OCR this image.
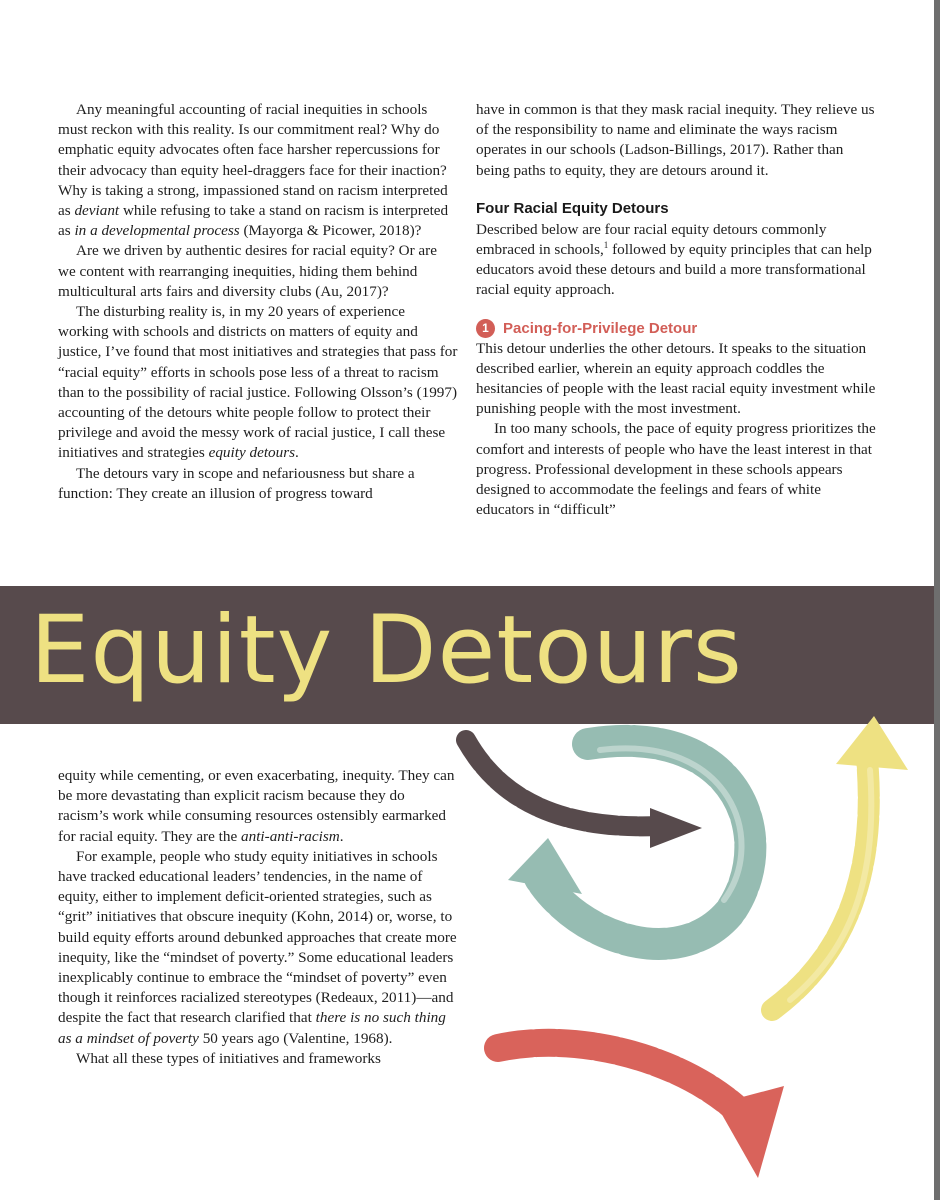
Any meaningful accounting of racial inequities in schools must reckon with this reality. Is our commitment real? Why do emphatic equity advocates often face harsher repercussions for their advocacy than equity heel-draggers face for their inaction? Why is taking a strong, impassioned stand on racism interpreted as deviant while refusing to take a stand on racism is interpreted as in a developmental process (Mayorga & Picower, 2018)?

Are we driven by authentic desires for racial equity? Or are we content with rearranging inequities, hiding them behind multicultural arts fairs and diversity clubs (Au, 2017)?

The disturbing reality is, in my 20 years of experience working with schools and districts on matters of equity and justice, I’ve found that most initiatives and strategies that pass for “racial equity” efforts in schools pose less of a threat to racism than to the possibility of racial justice. Following Olsson’s (1997) accounting of the detours white people follow to protect their privilege and avoid the messy work of racial justice, I call these initiatives and strategies equity detours.

The detours vary in scope and nefariousness but share a function: They create an illusion of progress toward

have in common is that they mask racial inequity. They relieve us of the responsibility to name and eliminate the ways racism operates in our schools (Ladson-Billings, 2017). Rather than being paths to equity, they are detours around it.

Four Racial Equity Detours

Described below are four racial equity detours commonly embraced in schools,$^1$ followed by equity principles that can help educators avoid these detours and build a more transformational racial equity approach.

1 Pacing-for-Privilege Detour

This detour underlies the other detours. It speaks to the situation described earlier, wherein an equity approach coddles the hesitancies of people with the least racial equity investment while punishing people with the most investment.

In too many schools, the pace of equity progress prioritizes the comfort and interests of people who have the least interest in that progress. Professional development in these schools appears designed to accommodate the feelings and fears of white educators in “difficult”

Equity Detours

equity while cementing, or even exacerbating, inequity. They can be more devastating than explicit racism because they do racism’s work while consuming resources ostensibly earmarked for racial equity. They are the anti-anti-racism.

For example, people who study equity initiatives in schools have tracked educational leaders’ tendencies, in the name of equity, either to implement deficit-oriented strategies, such as “grit” initiatives that obscure inequity (Kohn, 2014) or, worse, to build equity efforts around debunked approaches that create more inequity, like the “mindset of poverty.” Some educational leaders inexplicably continue to embrace the “mindset of poverty” even though it reinforces racialized stereotypes (Redeaux, 2011)—and despite the fact that research clarified that there is no such thing as a mindset of poverty 50 years ago (Valentine, 1968).

What all these types of initiatives and frameworks
